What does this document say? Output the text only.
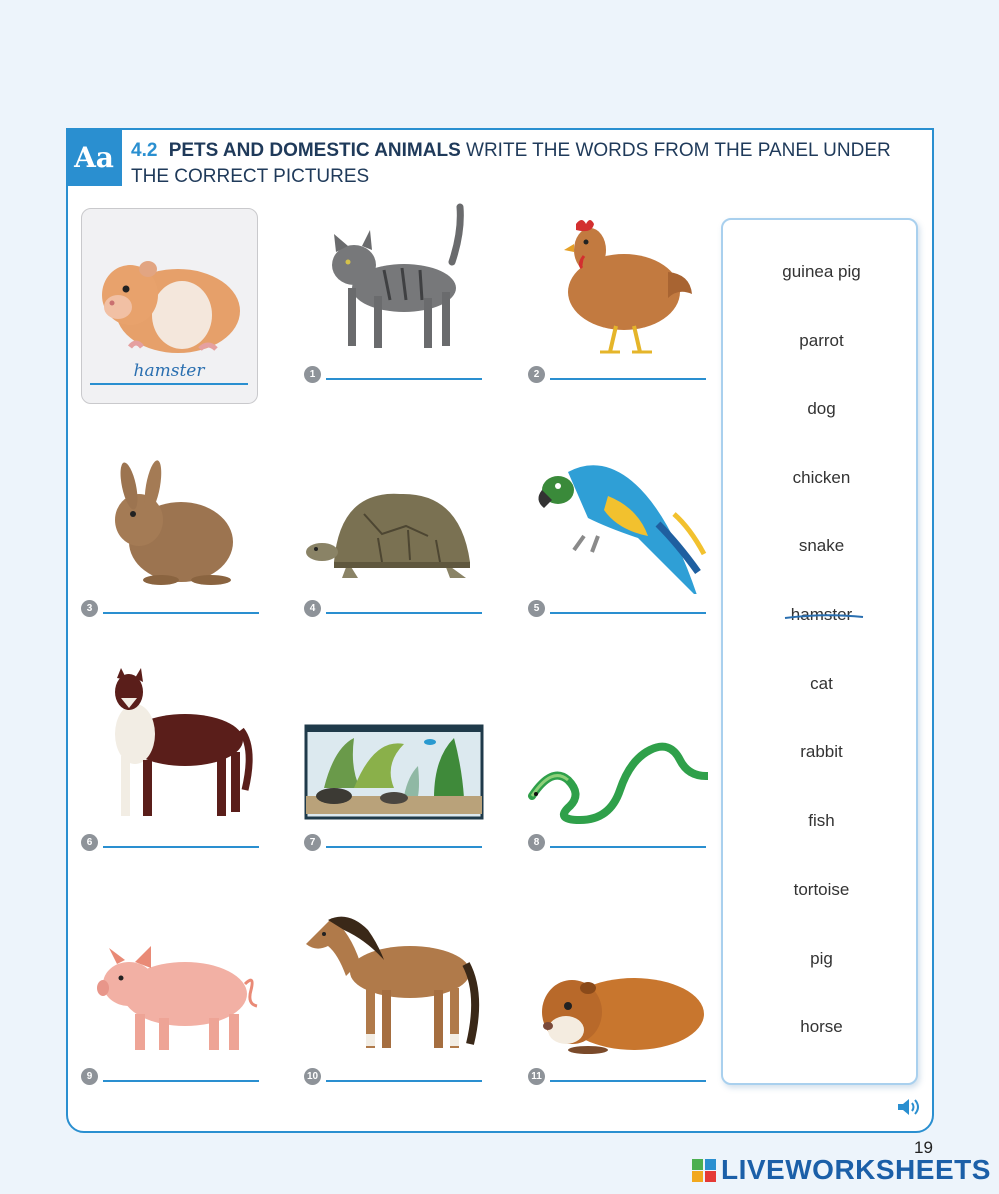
Aa 4.2 PETS AND DOMESTIC ANIMALS WRITE THE WORDS FROM THE PANEL UNDER THE CORRECT PICTURES
hamster	1	2
3	4	5
6	7	8
9	10	11
guinea pig
parrot
dog
chicken
snake
hamster
cat
rabbit
fish
tortoise
pig
horse
19
LIVEWORKSHEETS
